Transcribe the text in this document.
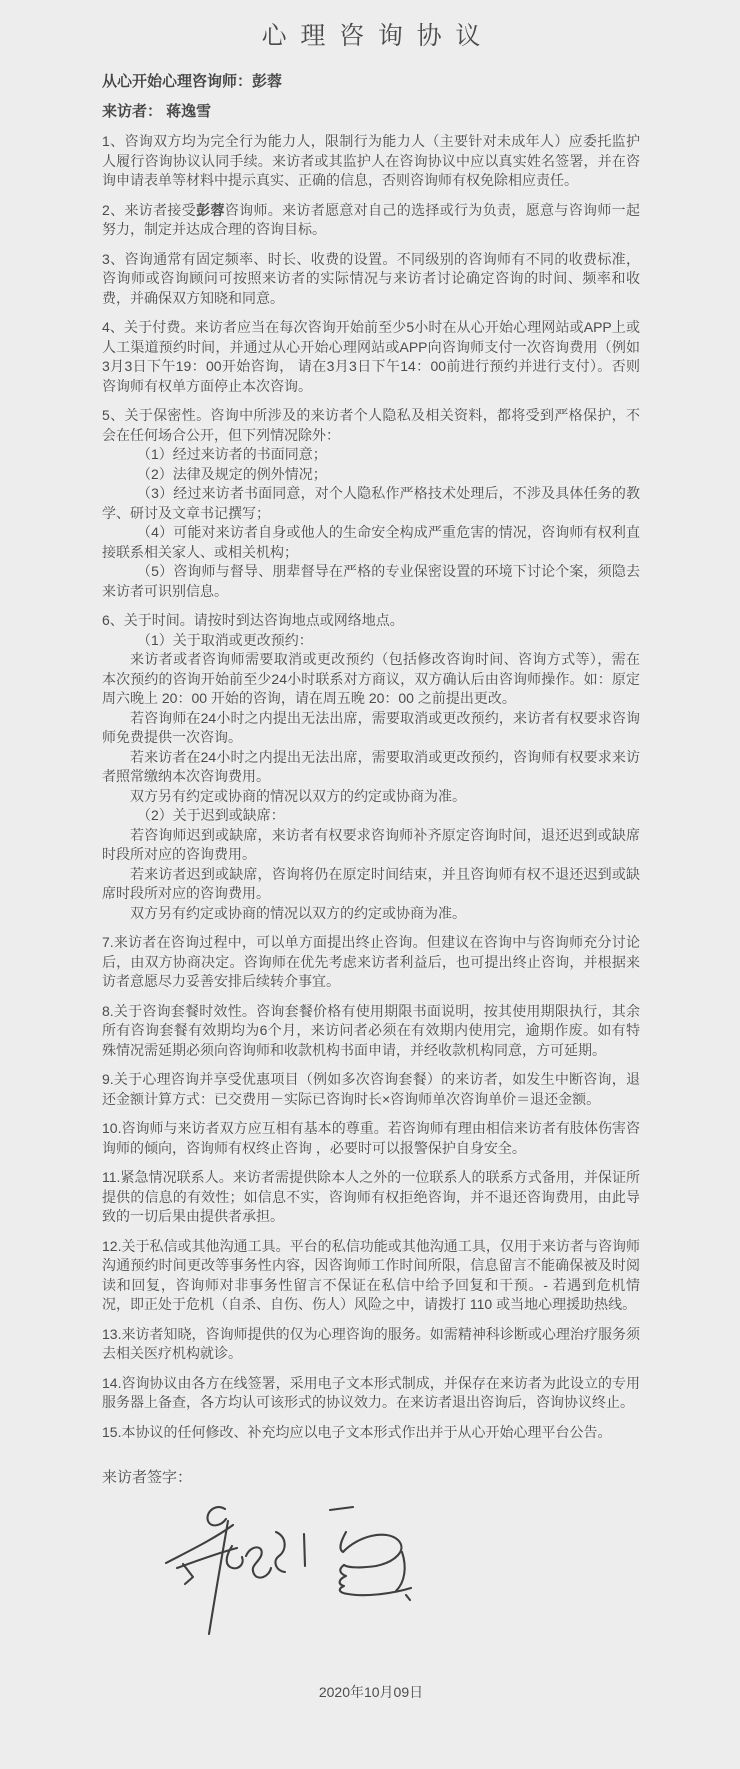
心理咨询协议

从心开始心理咨询师：彭蓉

来访者： 蒋逸雪

1、咨询双方均为完全行为能力人，限制行为能力人（主要针对未成年人）应委托监护人履行咨询协议认同手续。来访者或其监护人在咨询协议中应以真实姓名签署，并在咨询申请表单等材料中提示真实、正确的信息，否则咨询师有权免除相应责任。

2、来访者接受彭蓉咨询师。来访者愿意对自己的选择或行为负责，愿意与咨询师一起努力，制定并达成合理的咨询目标。

3、咨询通常有固定频率、时长、收费的设置。不同级别的咨询师有不同的收费标准，咨询师或咨询顾问可按照来访者的实际情况与来访者讨论确定咨询的时间、频率和收费，并确保双方知晓和同意。

4、关于付费。来访者应当在每次咨询开始前至少5小时在从心开始心理网站或APP上或人工渠道预约时间，并通过从心开始心理网站或APP向咨询师支付一次咨询费用（例如3月3日下午19：00开始咨询， 请在3月3日下午14：00前进行预约并进行支付）。否则咨询师有权单方面停止本次咨询。

5、关于保密性。咨询中所涉及的来访者个人隐私及相关资料，都将受到严格保护，不会在任何场合公开，但下列情况除外：

（1）经过来访者的书面同意；

（2）法律及规定的例外情况；

（3）经过来访者书面同意，对个人隐私作严格技术处理后，不涉及具体任务的教学、研讨及文章书记撰写；

（4）可能对来访者自身或他人的生命安全构成严重危害的情况，咨询师有权利直接联系相关家人、或相关机构；

（5）咨询师与督导、朋辈督导在严格的专业保密设置的环境下讨论个案，须隐去来访者可识别信息。

6、关于时间。请按时到达咨询地点或网络地点。

（1）关于取消或更改预约：

来访者或者咨询师需要取消或更改预约（包括修改咨询时间、咨询方式等），需在本次预约的咨询开始前至少24小时联系对方商议，双方确认后由咨询师操作。如：原定周六晚上 20：00 开始的咨询，请在周五晚 20：00 之前提出更改。

若咨询师在24小时之内提出无法出席，需要取消或更改预约，来访者有权要求咨询师免费提供一次咨询。

若来访者在24小时之内提出无法出席，需要取消或更改预约，咨询师有权要求来访者照常缴纳本次咨询费用。

双方另有约定或协商的情况以双方的约定或协商为准。

（2）关于迟到或缺席：

若咨询师迟到或缺席，来访者有权要求咨询师补齐原定咨询时间，退还迟到或缺席时段所对应的咨询费用。

若来访者迟到或缺席，咨询将仍在原定时间结束，并且咨询师有权不退还迟到或缺席时段所对应的咨询费用。

双方另有约定或协商的情况以双方的约定或协商为准。

7.来访者在咨询过程中，可以单方面提出终止咨询。但建议在咨询中与咨询师充分讨论后，由双方协商决定。咨询师在优先考虑来访者利益后，也可提出终止咨询，并根据来访者意愿尽力妥善安排后续转介事宜。

8.关于咨询套餐时效性。咨询套餐价格有使用期限书面说明，按其使用期限执行，其余所有咨询套餐有效期均为6个月，来访问者必须在有效期内使用完，逾期作废。如有特殊情况需延期必须向咨询师和收款机构书面申请，并经收款机构同意，方可延期。

9.关于心理咨询并享受优惠项目（例如多次咨询套餐）的来访者，如发生中断咨询，退还金额计算方式：已交费用－实际已咨询时长×咨询师单次咨询单价＝退还金额。

10.咨询师与来访者双方应互相有基本的尊重。若咨询师有理由相信来访者有肢体伤害咨询师的倾向，咨询师有权终止咨询 ，必要时可以报警保护自身安全。

11.紧急情况联系人。来访者需提供除本人之外的一位联系人的联系方式备用，并保证所提供的信息的有效性；如信息不实，咨询师有权拒绝咨询，并不退还咨询费用，由此导致的一切后果由提供者承担。

12.关于私信或其他沟通工具。平台的私信功能或其他沟通工具，仅用于来访者与咨询师沟通预约时间更改等事务性内容，因咨询师工作时间所限，信息留言不能确保被及时阅读和回复，咨询师对非事务性留言不保证在私信中给予回复和干预。- 若遇到危机情况，即正处于危机（自杀、自伤、伤人）风险之中，请拨打 110 或当地心理援助热线。

13.来访者知晓，咨询师提供的仅为心理咨询的服务。如需精神科诊断或心理治疗服务须去相关医疗机构就诊。

14.咨询协议由各方在线签署，采用电子文本形式制成，并保存在来访者为此设立的专用服务器上备查，各方均认可该形式的协议效力。在来访者退出咨询后，咨询协议终止。

15.本协议的任何修改、补充均应以电子文本形式作出并于从心开始心理平台公告。

来访者签字：

2020年10月09日
